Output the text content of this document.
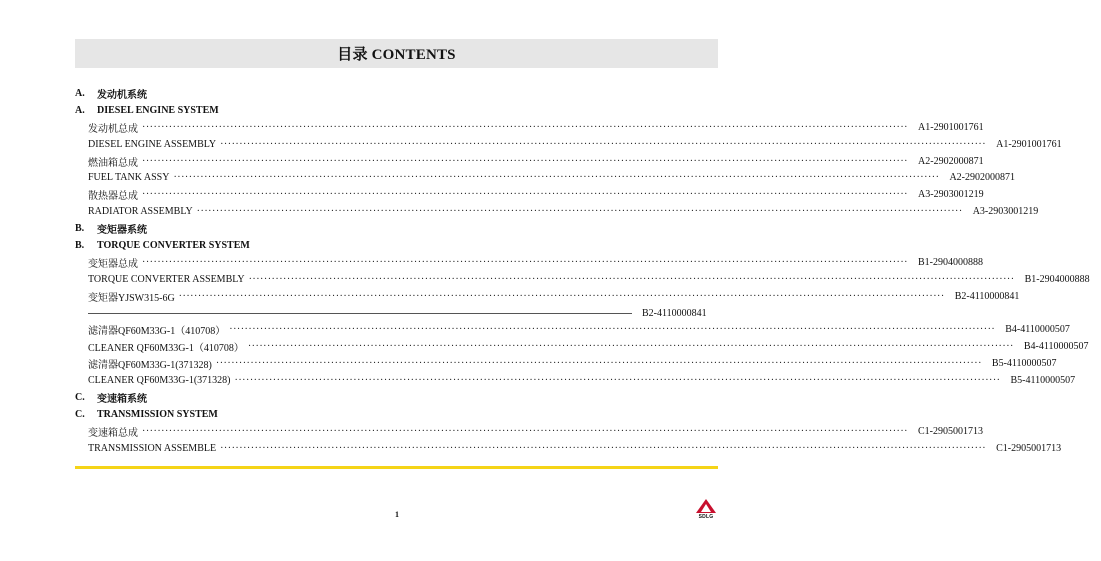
目录 CONTENTS
A.	发动机系统
A.	DIESEL ENGINE SYSTEM
发动机总成 ········································································································································································································ A1-2901001761
DIESEL ENGINE ASSEMBLY ········································································································································································································ A1-2901001761
燃油箱总成 ········································································································································································································ A2-2902000871
FUEL TANK ASSY ········································································································································································································ A2-2902000871
散热器总成 ········································································································································································································ A3-2903001219
RADIATOR ASSEMBLY ········································································································································································································ A3-2903001219
B.	变矩器系统
B.	TORQUE CONVERTER SYSTEM
变矩器总成 ········································································································································································································ B1-2904000888
TORQUE CONVERTER ASSEMBLY ········································································································································································································ B1-2904000888
变矩器YJSW315-6G ········································································································································································································ B2-4110000841
B2-4110000841
滤清器QF60M33G-1（410708） ········································································································································································································ B4-4110000507
CLEANER QF60M33G-1（410708） ········································································································································································································ B4-4110000507
滤清器QF60M33G-1(371328) ········································································································································································································ B5-4110000507
CLEANER QF60M33G-1(371328) ········································································································································································································ B5-4110000507
C.	变速箱系统
C.	TRANSMISSION SYSTEM
变速箱总成 ········································································································································································································ C1-2905001713
TRANSMISSION ASSEMBLE ········································································································································································································ C1-2905001713
1	SDLG
